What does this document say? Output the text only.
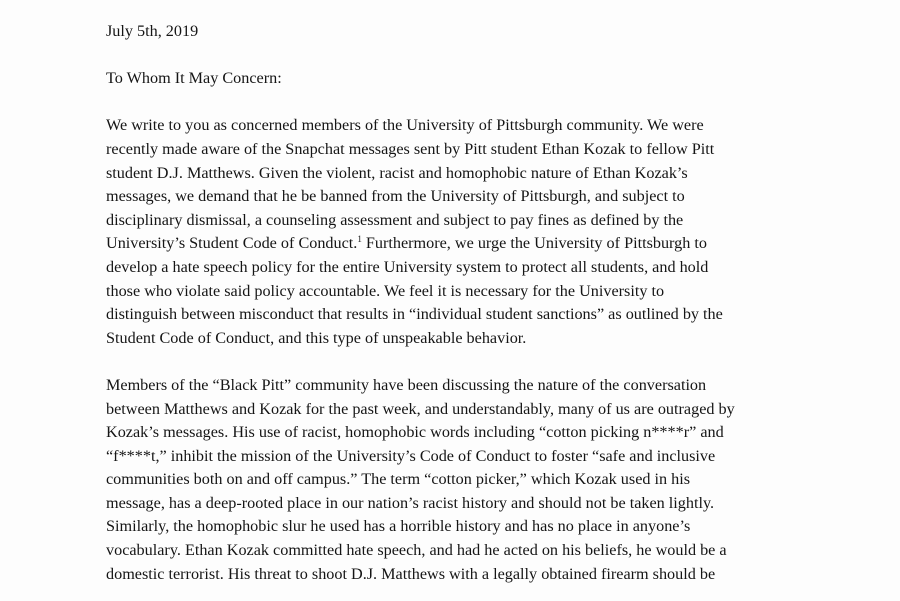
July 5th, 2019

To Whom It May Concern:

We write to you as concerned members of the University of Pittsburgh community. We were
recently made aware of the Snapchat messages sent by Pitt student Ethan Kozak to fellow Pitt
student D.J. Matthews. Given the violent, racist and homophobic nature of Ethan Kozak’s
messages, we demand that he be banned from the University of Pittsburgh, and subject to
disciplinary dismissal, a counseling assessment and subject to pay fines as defined by the
University’s Student Code of Conduct.$^1$ Furthermore, we urge the University of Pittsburgh to
develop a hate speech policy for the entire University system to protect all students, and hold
those who violate said policy accountable. We feel it is necessary for the University to
distinguish between misconduct that results in “individual student sanctions” as outlined by the
Student Code of Conduct, and this type of unspeakable behavior.

Members of the “Black Pitt” community have been discussing the nature of the conversation
between Matthews and Kozak for the past week, and understandably, many of us are outraged by
Kozak’s messages. His use of racist, homophobic words including “cotton picking n****r” and
“f****t,” inhibit the mission of the University’s Code of Conduct to foster “safe and inclusive
communities both on and off campus.” The term “cotton picker,” which Kozak used in his
message, has a deep-rooted place in our nation’s racist history and should not be taken lightly.
Similarly, the homophobic slur he used has a horrible history and has no place in anyone’s
vocabulary. Ethan Kozak committed hate speech, and had he acted on his beliefs, he would be a
domestic terrorist. His threat to shoot D.J. Matthews with a legally obtained firearm should be
